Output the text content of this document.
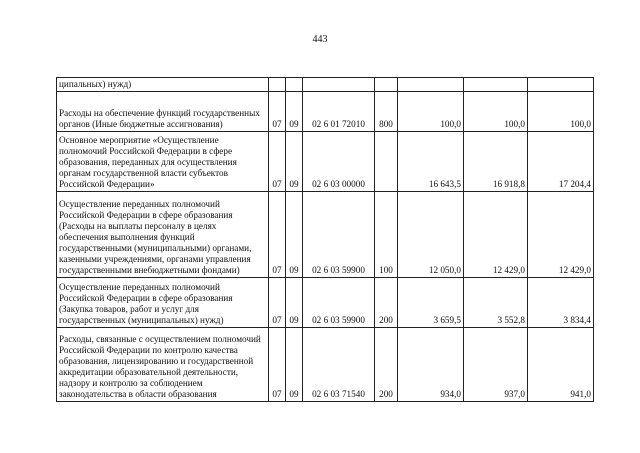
443
ципальных) нужд)							
Расходы на обеспечение функций государственных органов (Иные бюджетные ассигнования)	07	09	02 6 01 72010	800	100,0	100,0	100,0
Основное мероприятие «Осуществление полномочий Российской Федерации в сфере образования, переданных для осуществления органам государственной власти субъектов Российской Федерации»	07	09	02 6 03 00000		16 643,5	16 918,8	17 204,4
Осуществление переданных полномочий Российской Федерации в сфере образования (Расходы на выплаты персоналу в целях обеспечения выполнения функций государственными (муниципальными) органами, казенными учреждениями, органами управления государственными внебюджетными фондами)	07	09	02 6 03 59900	100	12 050,0	12 429,0	12 429,0
Осуществление переданных полномочий Российской Федерации в сфере образования (Закупка товаров, работ и услуг для государственных (муниципальных) нужд)	07	09	02 6 03 59900	200	3 659,5	3 552,8	3 834,4
Расходы, связанные с осуществлением полномочий Российской Федерации по контролю качества образования, лицензированию и государственной аккредитации образовательной деятельности, надзору и контролю за соблюдением законодательства в области образования	07	09	02 6 03 71540	200	934,0	937,0	941,0
